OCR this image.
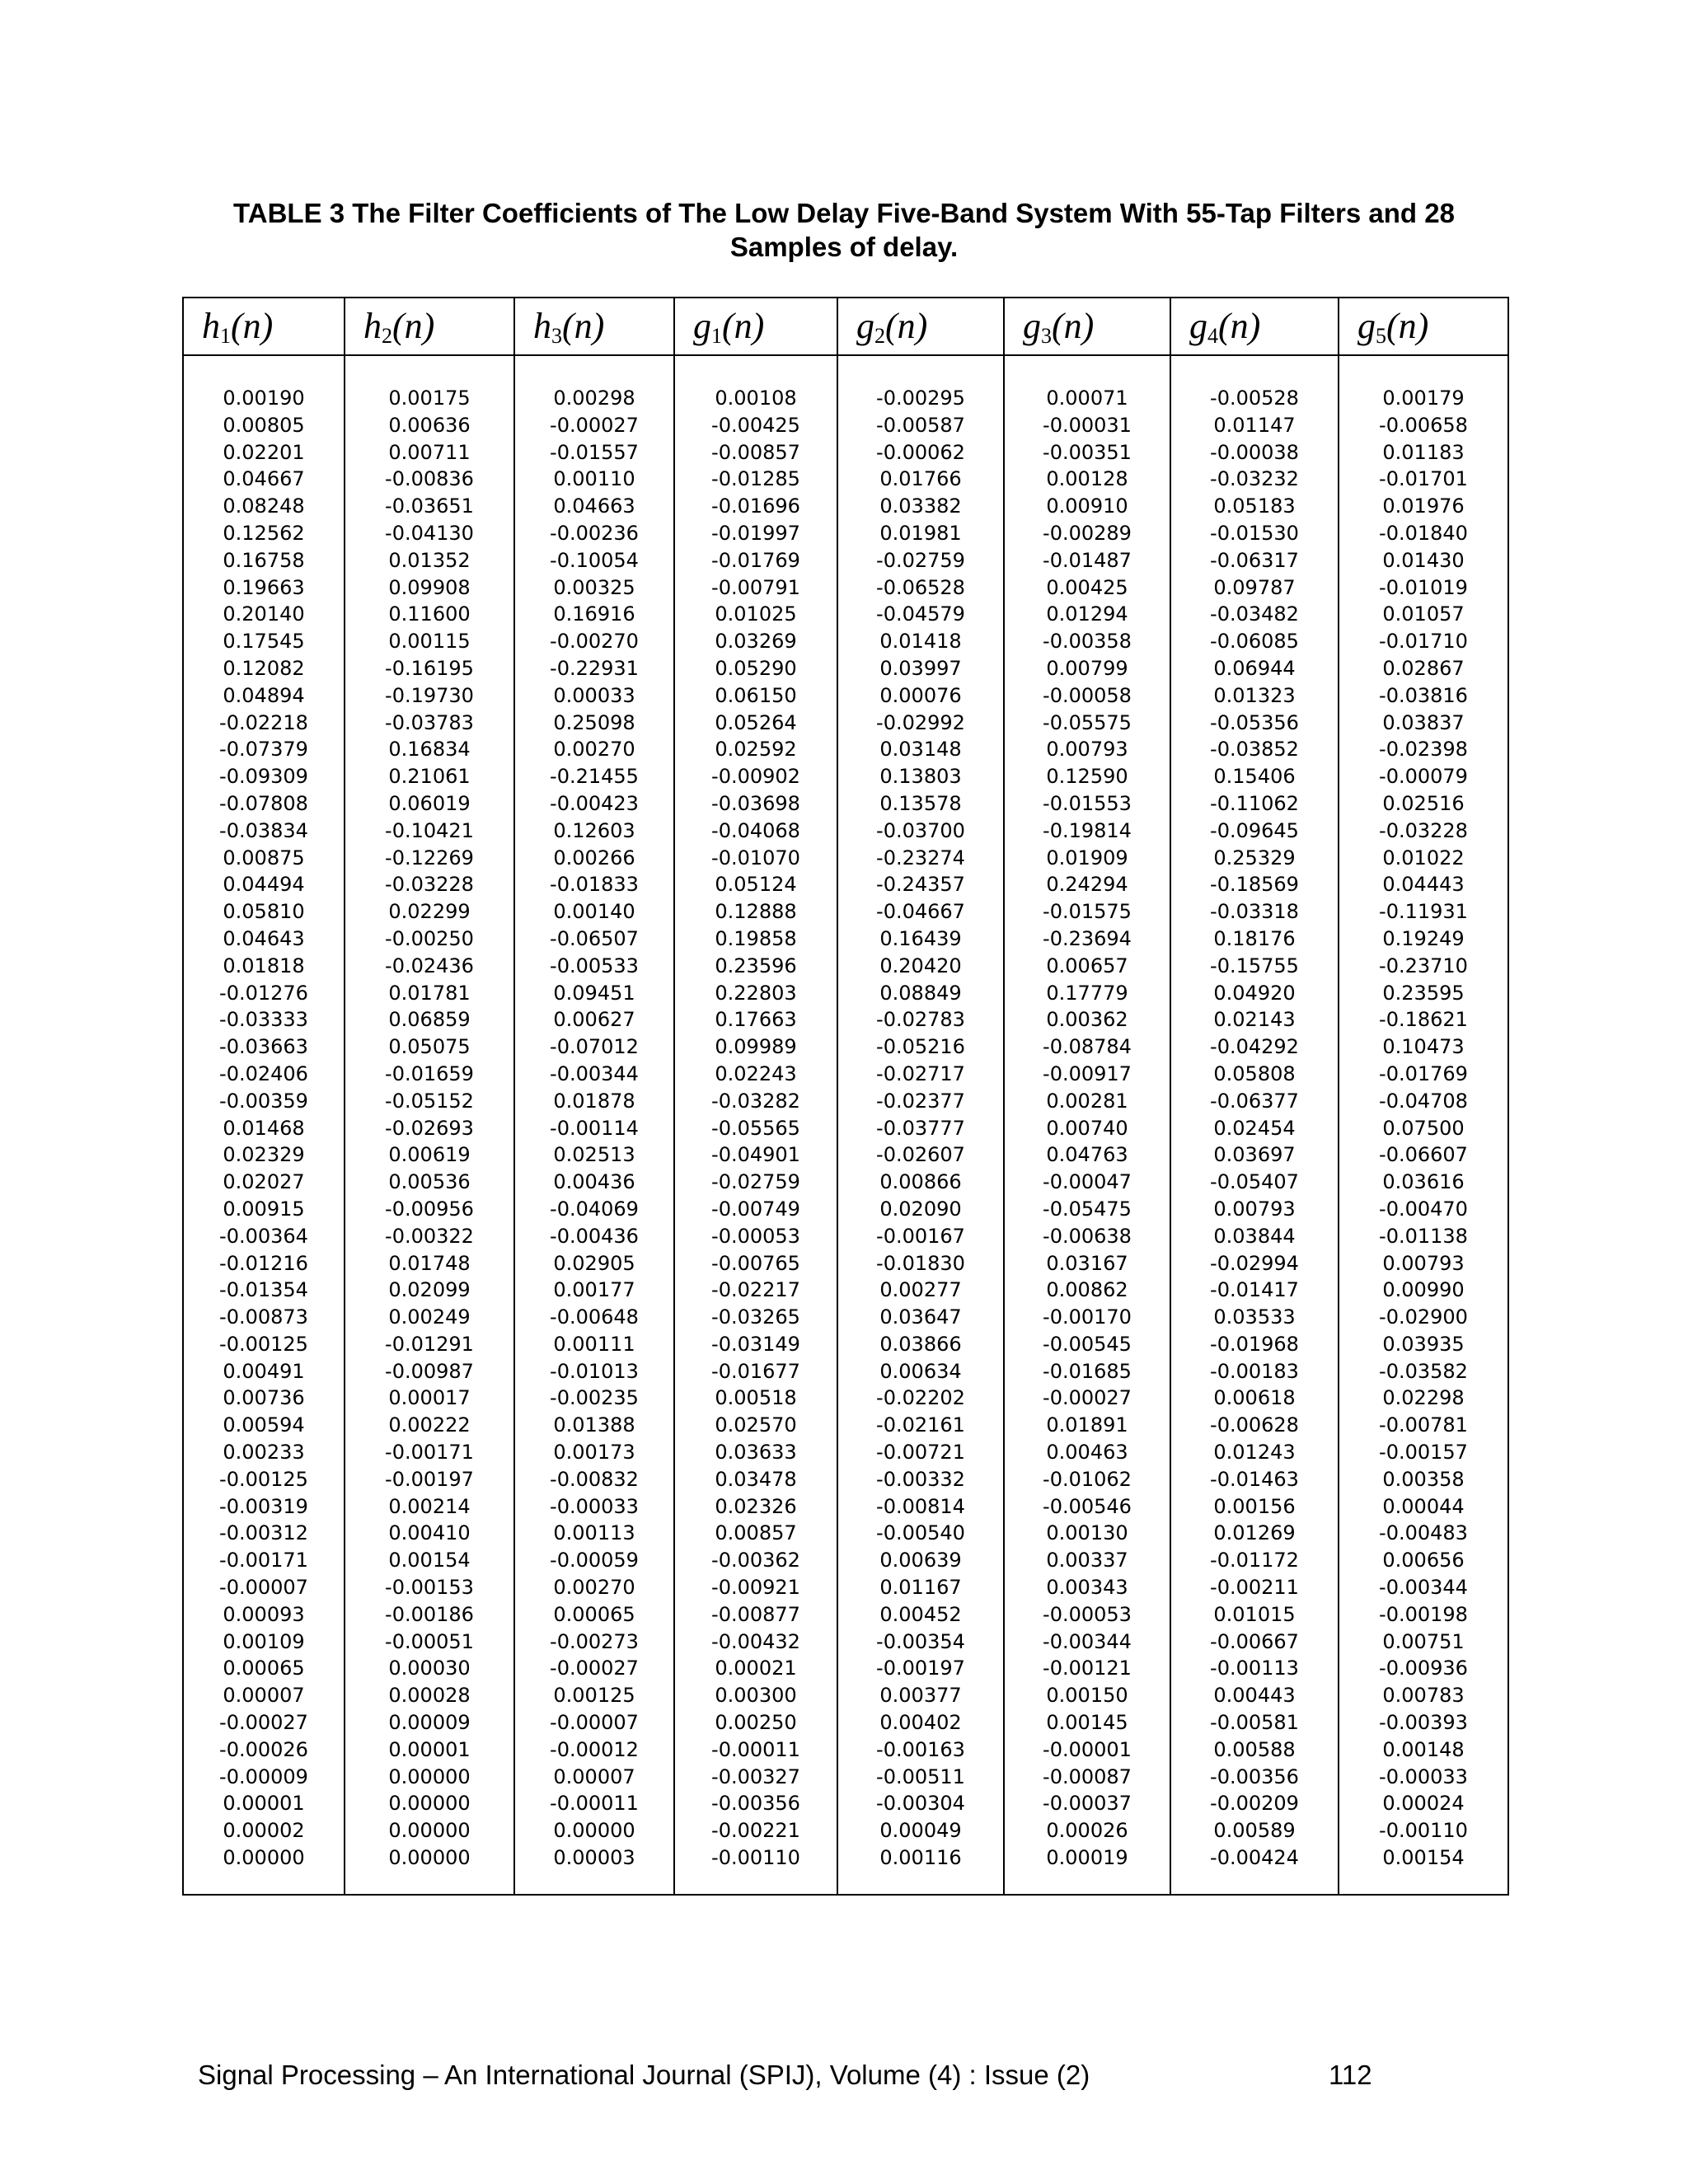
TABLE 3 The Filter Coefficients of The Low Delay Five-Band System With 55-Tap Filters and 28
Samples of delay.
$h_1(n)$
0.00190
0.00805
0.02201
0.04667
0.08248
0.12562
0.16758
0.19663
0.20140
0.17545
0.12082
0.04894
-0.02218
-0.07379
-0.09309
-0.07808
-0.03834
0.00875
0.04494
0.05810
0.04643
0.01818
-0.01276
-0.03333
-0.03663
-0.02406
-0.00359
0.01468
0.02329
0.02027
0.00915
-0.00364
-0.01216
-0.01354
-0.00873
-0.00125
0.00491
0.00736
0.00594
0.00233
-0.00125
-0.00319
-0.00312
-0.00171
-0.00007
0.00093
0.00109
0.00065
0.00007
-0.00027
-0.00026
-0.00009
0.00001
0.00002
0.00000
$h_2(n)$
0.00175
0.00636
0.00711
-0.00836
-0.03651
-0.04130
0.01352
0.09908
0.11600
0.00115
-0.16195
-0.19730
-0.03783
0.16834
0.21061
0.06019
-0.10421
-0.12269
-0.03228
0.02299
-0.00250
-0.02436
0.01781
0.06859
0.05075
-0.01659
-0.05152
-0.02693
0.00619
0.00536
-0.00956
-0.00322
0.01748
0.02099
0.00249
-0.01291
-0.00987
0.00017
0.00222
-0.00171
-0.00197
0.00214
0.00410
0.00154
-0.00153
-0.00186
-0.00051
0.00030
0.00028
0.00009
0.00001
0.00000
0.00000
0.00000
0.00000
$h_3(n)$
0.00298
-0.00027
-0.01557
0.00110
0.04663
-0.00236
-0.10054
0.00325
0.16916
-0.00270
-0.22931
0.00033
0.25098
0.00270
-0.21455
-0.00423
0.12603
0.00266
-0.01833
0.00140
-0.06507
-0.00533
0.09451
0.00627
-0.07012
-0.00344
0.01878
-0.00114
0.02513
0.00436
-0.04069
-0.00436
0.02905
0.00177
-0.00648
0.00111
-0.01013
-0.00235
0.01388
0.00173
-0.00832
-0.00033
0.00113
-0.00059
0.00270
0.00065
-0.00273
-0.00027
0.00125
-0.00007
-0.00012
0.00007
-0.00011
0.00000
0.00003
$g_1(n)$
0.00108
-0.00425
-0.00857
-0.01285
-0.01696
-0.01997
-0.01769
-0.00791
0.01025
0.03269
0.05290
0.06150
0.05264
0.02592
-0.00902
-0.03698
-0.04068
-0.01070
0.05124
0.12888
0.19858
0.23596
0.22803
0.17663
0.09989
0.02243
-0.03282
-0.05565
-0.04901
-0.02759
-0.00749
-0.00053
-0.00765
-0.02217
-0.03265
-0.03149
-0.01677
0.00518
0.02570
0.03633
0.03478
0.02326
0.00857
-0.00362
-0.00921
-0.00877
-0.00432
0.00021
0.00300
0.00250
-0.00011
-0.00327
-0.00356
-0.00221
-0.00110
$g_2(n)$
-0.00295
-0.00587
-0.00062
0.01766
0.03382
0.01981
-0.02759
-0.06528
-0.04579
0.01418
0.03997
0.00076
-0.02992
0.03148
0.13803
0.13578
-0.03700
-0.23274
-0.24357
-0.04667
0.16439
0.20420
0.08849
-0.02783
-0.05216
-0.02717
-0.02377
-0.03777
-0.02607
0.00866
0.02090
-0.00167
-0.01830
0.00277
0.03647
0.03866
0.00634
-0.02202
-0.02161
-0.00721
-0.00332
-0.00814
-0.00540
0.00639
0.01167
0.00452
-0.00354
-0.00197
0.00377
0.00402
-0.00163
-0.00511
-0.00304
0.00049
0.00116
$g_3(n)$
0.00071
-0.00031
-0.00351
0.00128
0.00910
-0.00289
-0.01487
0.00425
0.01294
-0.00358
0.00799
-0.00058
-0.05575
0.00793
0.12590
-0.01553
-0.19814
0.01909
0.24294
-0.01575
-0.23694
0.00657
0.17779
0.00362
-0.08784
-0.00917
0.00281
0.00740
0.04763
-0.00047
-0.05475
-0.00638
0.03167
0.00862
-0.00170
-0.00545
-0.01685
-0.00027
0.01891
0.00463
-0.01062
-0.00546
0.00130
0.00337
0.00343
-0.00053
-0.00344
-0.00121
0.00150
0.00145
-0.00001
-0.00087
-0.00037
0.00026
0.00019
$g_4(n)$
-0.00528
0.01147
-0.00038
-0.03232
0.05183
-0.01530
-0.06317
0.09787
-0.03482
-0.06085
0.06944
0.01323
-0.05356
-0.03852
0.15406
-0.11062
-0.09645
0.25329
-0.18569
-0.03318
0.18176
-0.15755
0.04920
0.02143
-0.04292
0.05808
-0.06377
0.02454
0.03697
-0.05407
0.00793
0.03844
-0.02994
-0.01417
0.03533
-0.01968
-0.00183
0.00618
-0.00628
0.01243
-0.01463
0.00156
0.01269
-0.01172
-0.00211
0.01015
-0.00667
-0.00113
0.00443
-0.00581
0.00588
-0.00356
-0.00209
0.00589
-0.00424
$g_5(n)$
0.00179
-0.00658
0.01183
-0.01701
0.01976
-0.01840
0.01430
-0.01019
0.01057
-0.01710
0.02867
-0.03816
0.03837
-0.02398
-0.00079
0.02516
-0.03228
0.01022
0.04443
-0.11931
0.19249
-0.23710
0.23595
-0.18621
0.10473
-0.01769
-0.04708
0.07500
-0.06607
0.03616
-0.00470
-0.01138
0.00793
0.00990
-0.02900
0.03935
-0.03582
0.02298
-0.00781
-0.00157
0.00358
0.00044
-0.00483
0.00656
-0.00344
-0.00198
0.00751
-0.00936
0.00783
-0.00393
0.00148
-0.00033
0.00024
-0.00110
0.00154
Signal Processing – An International Journal (SPIJ), Volume (4) : Issue (2)	112
